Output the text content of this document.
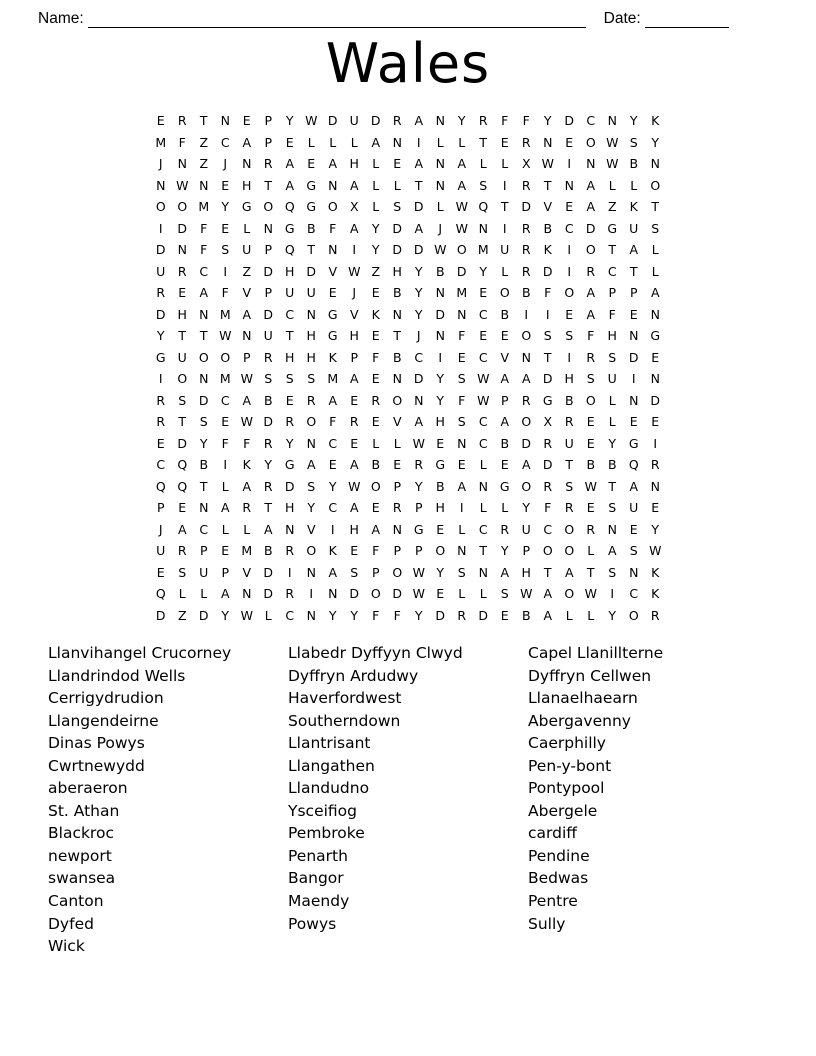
Name:	Date:
Wales
E	R	T	N	E	P	Y W D U D R	A	N	Y	R	F	F	Y	D C N	Y	K
M	F	Z	C	A	P	E	L	L	L	A	N	I	L	L	T	E	R N	E	O W S	Y
J	N	Z	J	N R	A	E	A	H	L	E	A	N	A	L	L	X W	I	N W B	N
N W N	E	H	T	A G N	A	L	L	T	N	A	S	I	R	T	N	A	L	L	O
O O M Y	G O Q G O X	L	S	D	L W Q	T	D V	E	A	Z	K	T
I	D	F	E	L	N G B	F	A	Y	D A	J	W N	I	R	B	C D G U	S
D N	F	S	U	P	Q	T	N	I	Y	D D W O M U	R	K	I	O	T	A	L
U	R	C	I	Z D H D V W Z	H	Y	B D	Y	L	R D	I	R	C	T	L
R	E	A	F	V	P	U U	E	J	E	B	Y	N M E	O B	F	O A	P	P	A
D H N M A D C N G V	K	N	Y	D N C	B	I	I	E	A	F	E	N
Y	T	T W N U	T	H G H	E	T	J	N	F	E	E	O	S	S	F	H N G
G U O O	P	R H H	K	P	F	B	C	I	E	C	V	N	T	I	R	S	D	E
I	O N M W S	S	S M A	E	N D	Y	S W A	A D H	S	U	I	N
R	S	D C	A	B	E	R	A	E	R O N	Y	F W P	R G B O	L	N D
R	T	S	E W D R O	F	R	E	V	A	H	S	C	A O X	R	E	L	E	E
E	D	Y	F	F	R	Y	N C	E	L	L W E	N C	B D R	U	E	Y	G	I
C Q B	I	K	Y	G A	E	A	B	E	R G	E	L	E	A D	T	B	B Q R
Q Q	T	L	A	R D	S	Y W O	P	Y	B	A	N G O R	S W T	A	N
P	E	N	A	R	T	H	Y	C	A	E	R	P	H	I	L	L	Y	F	R	E	S	U	E
J	A	C	L	L	A	N	V	I	H	A	N G	E	L	C	R	U	C O R N	E	Y
U	R	P	E M B	R O K	E	F	P	P	O N	T	Y	P	O O	L	A	S W
E	S	U	P	V D	I	N	A	S	P	O W Y	S	N	A	H	T	A	T	S	N	K
Q	L	L	A	N D R	I	N D O D W E	L	L	S W A O W	I	C	K
D Z D	Y W L	C N	Y	Y	F	F	Y	D R D	E	B	A	L	L	Y	O R
Llanvihangel Crucorney
Llandrindod Wells
Cerrigydrudion
Llangendeirne
Dinas Powys
Cwrtnewydd
aberaeron
St. Athan
Blackroc
newport
swansea
Canton
Dyfed
Wick
Llabedr Dyffyyn Clwyd
Dyffryn Ardudwy
Haverfordwest
Southerndown
Llantrisant
Llangathen
Llandudno
Ysceifiog
Pembroke
Penarth
Bangor
Maendy
Powys
Capel Llanillterne
Dyffryn Cellwen
Llanaelhaearn
Abergavenny
Caerphilly
Pen-y-bont
Pontypool
Abergele
cardiff
Pendine
Bedwas
Pentre
Sully
